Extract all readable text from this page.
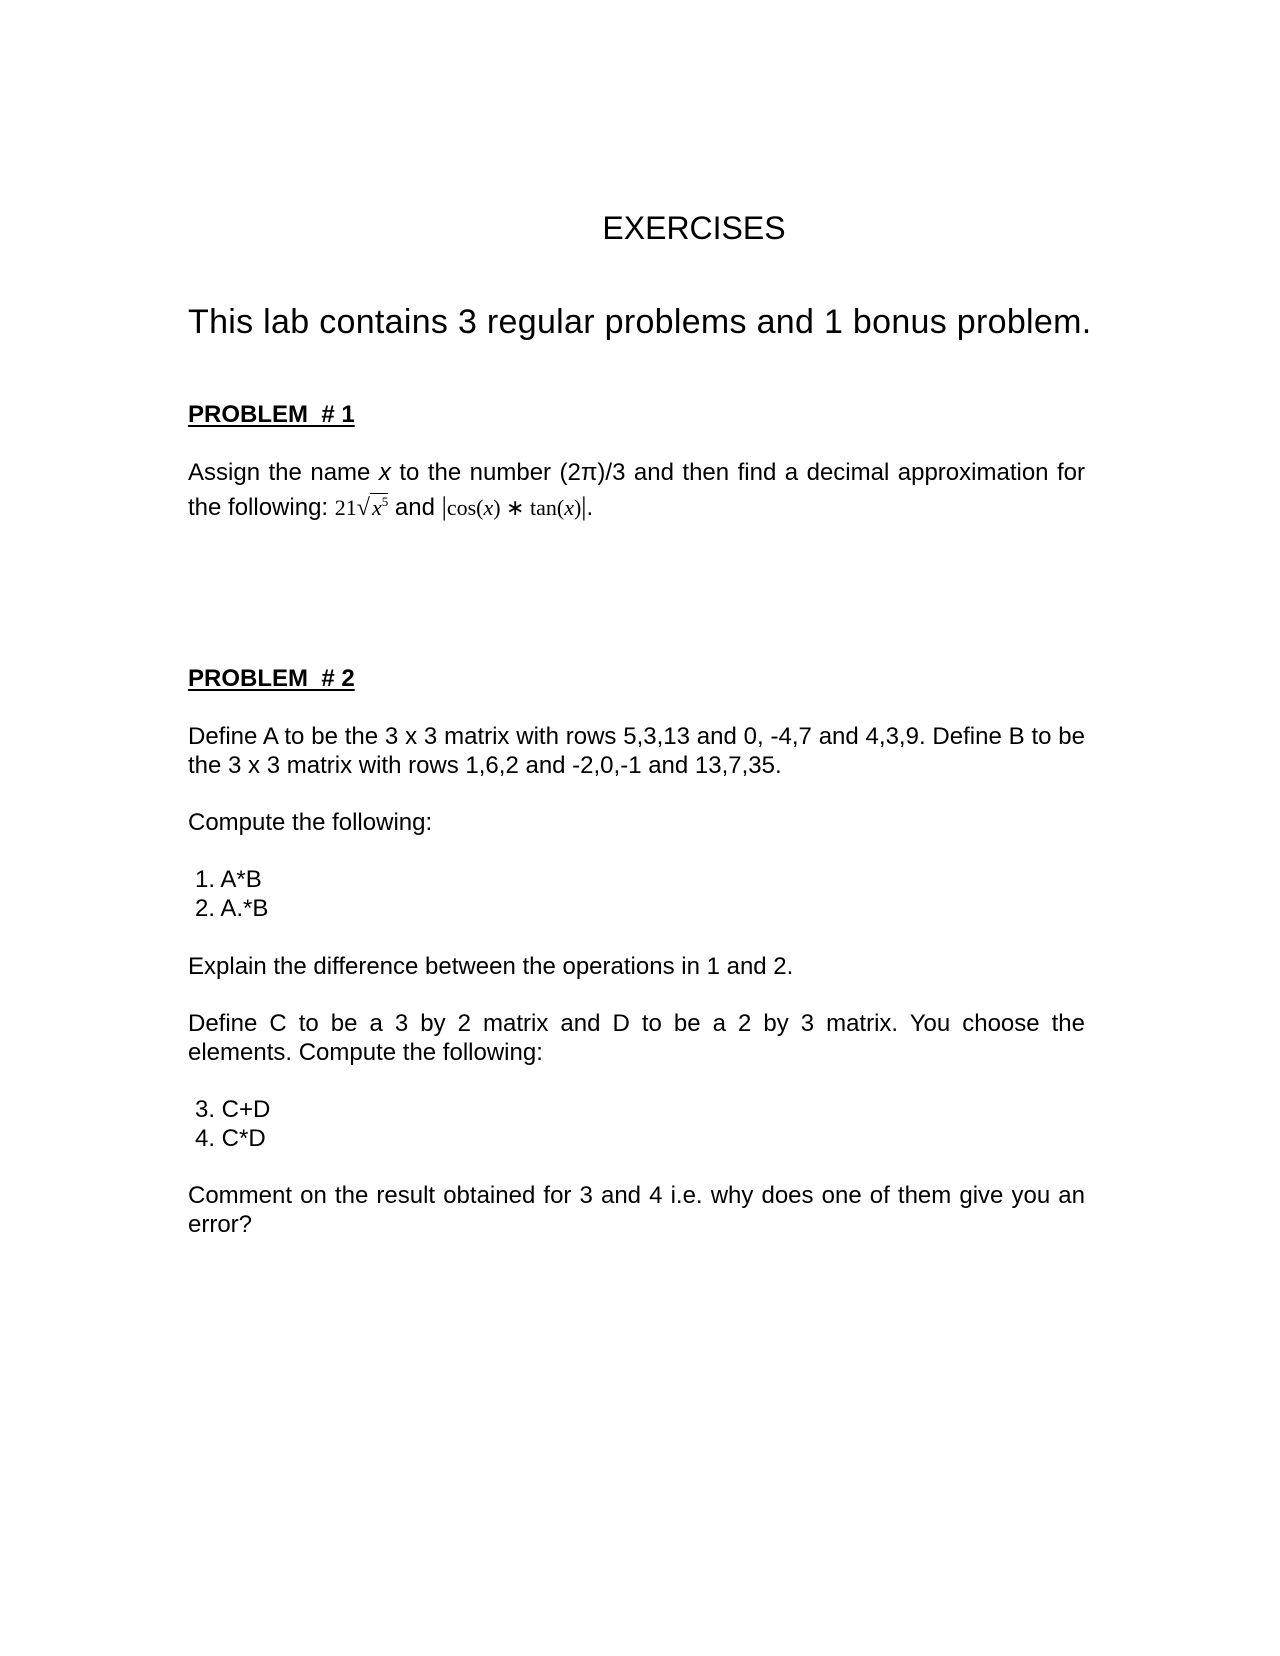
EXERCISES
This lab contains 3 regular problems and 1 bonus problem.
PROBLEM  # 1
Assign the name x to the number (2π)/3 and then find a decimal approximation for the following: $21√x^5$ and |cos(x) ∗ tan(x)|.
PROBLEM  # 2
Define A to be the 3 x 3 matrix with rows 5,3,13 and 0, -4,7 and 4,3,9. Define B to be the 3 x 3 matrix with rows 1,6,2 and -2,0,-1 and 13,7,35.
Compute the following:
1. A*B
2. A.*B
Explain the difference between the operations in 1 and 2.
Define C to be a 3 by 2 matrix and D to be a 2 by 3 matrix. You choose the elements. Compute the following:
3. C+D
4. C*D
Comment on the result obtained for 3 and 4 i.e. why does one of them give you an error?
